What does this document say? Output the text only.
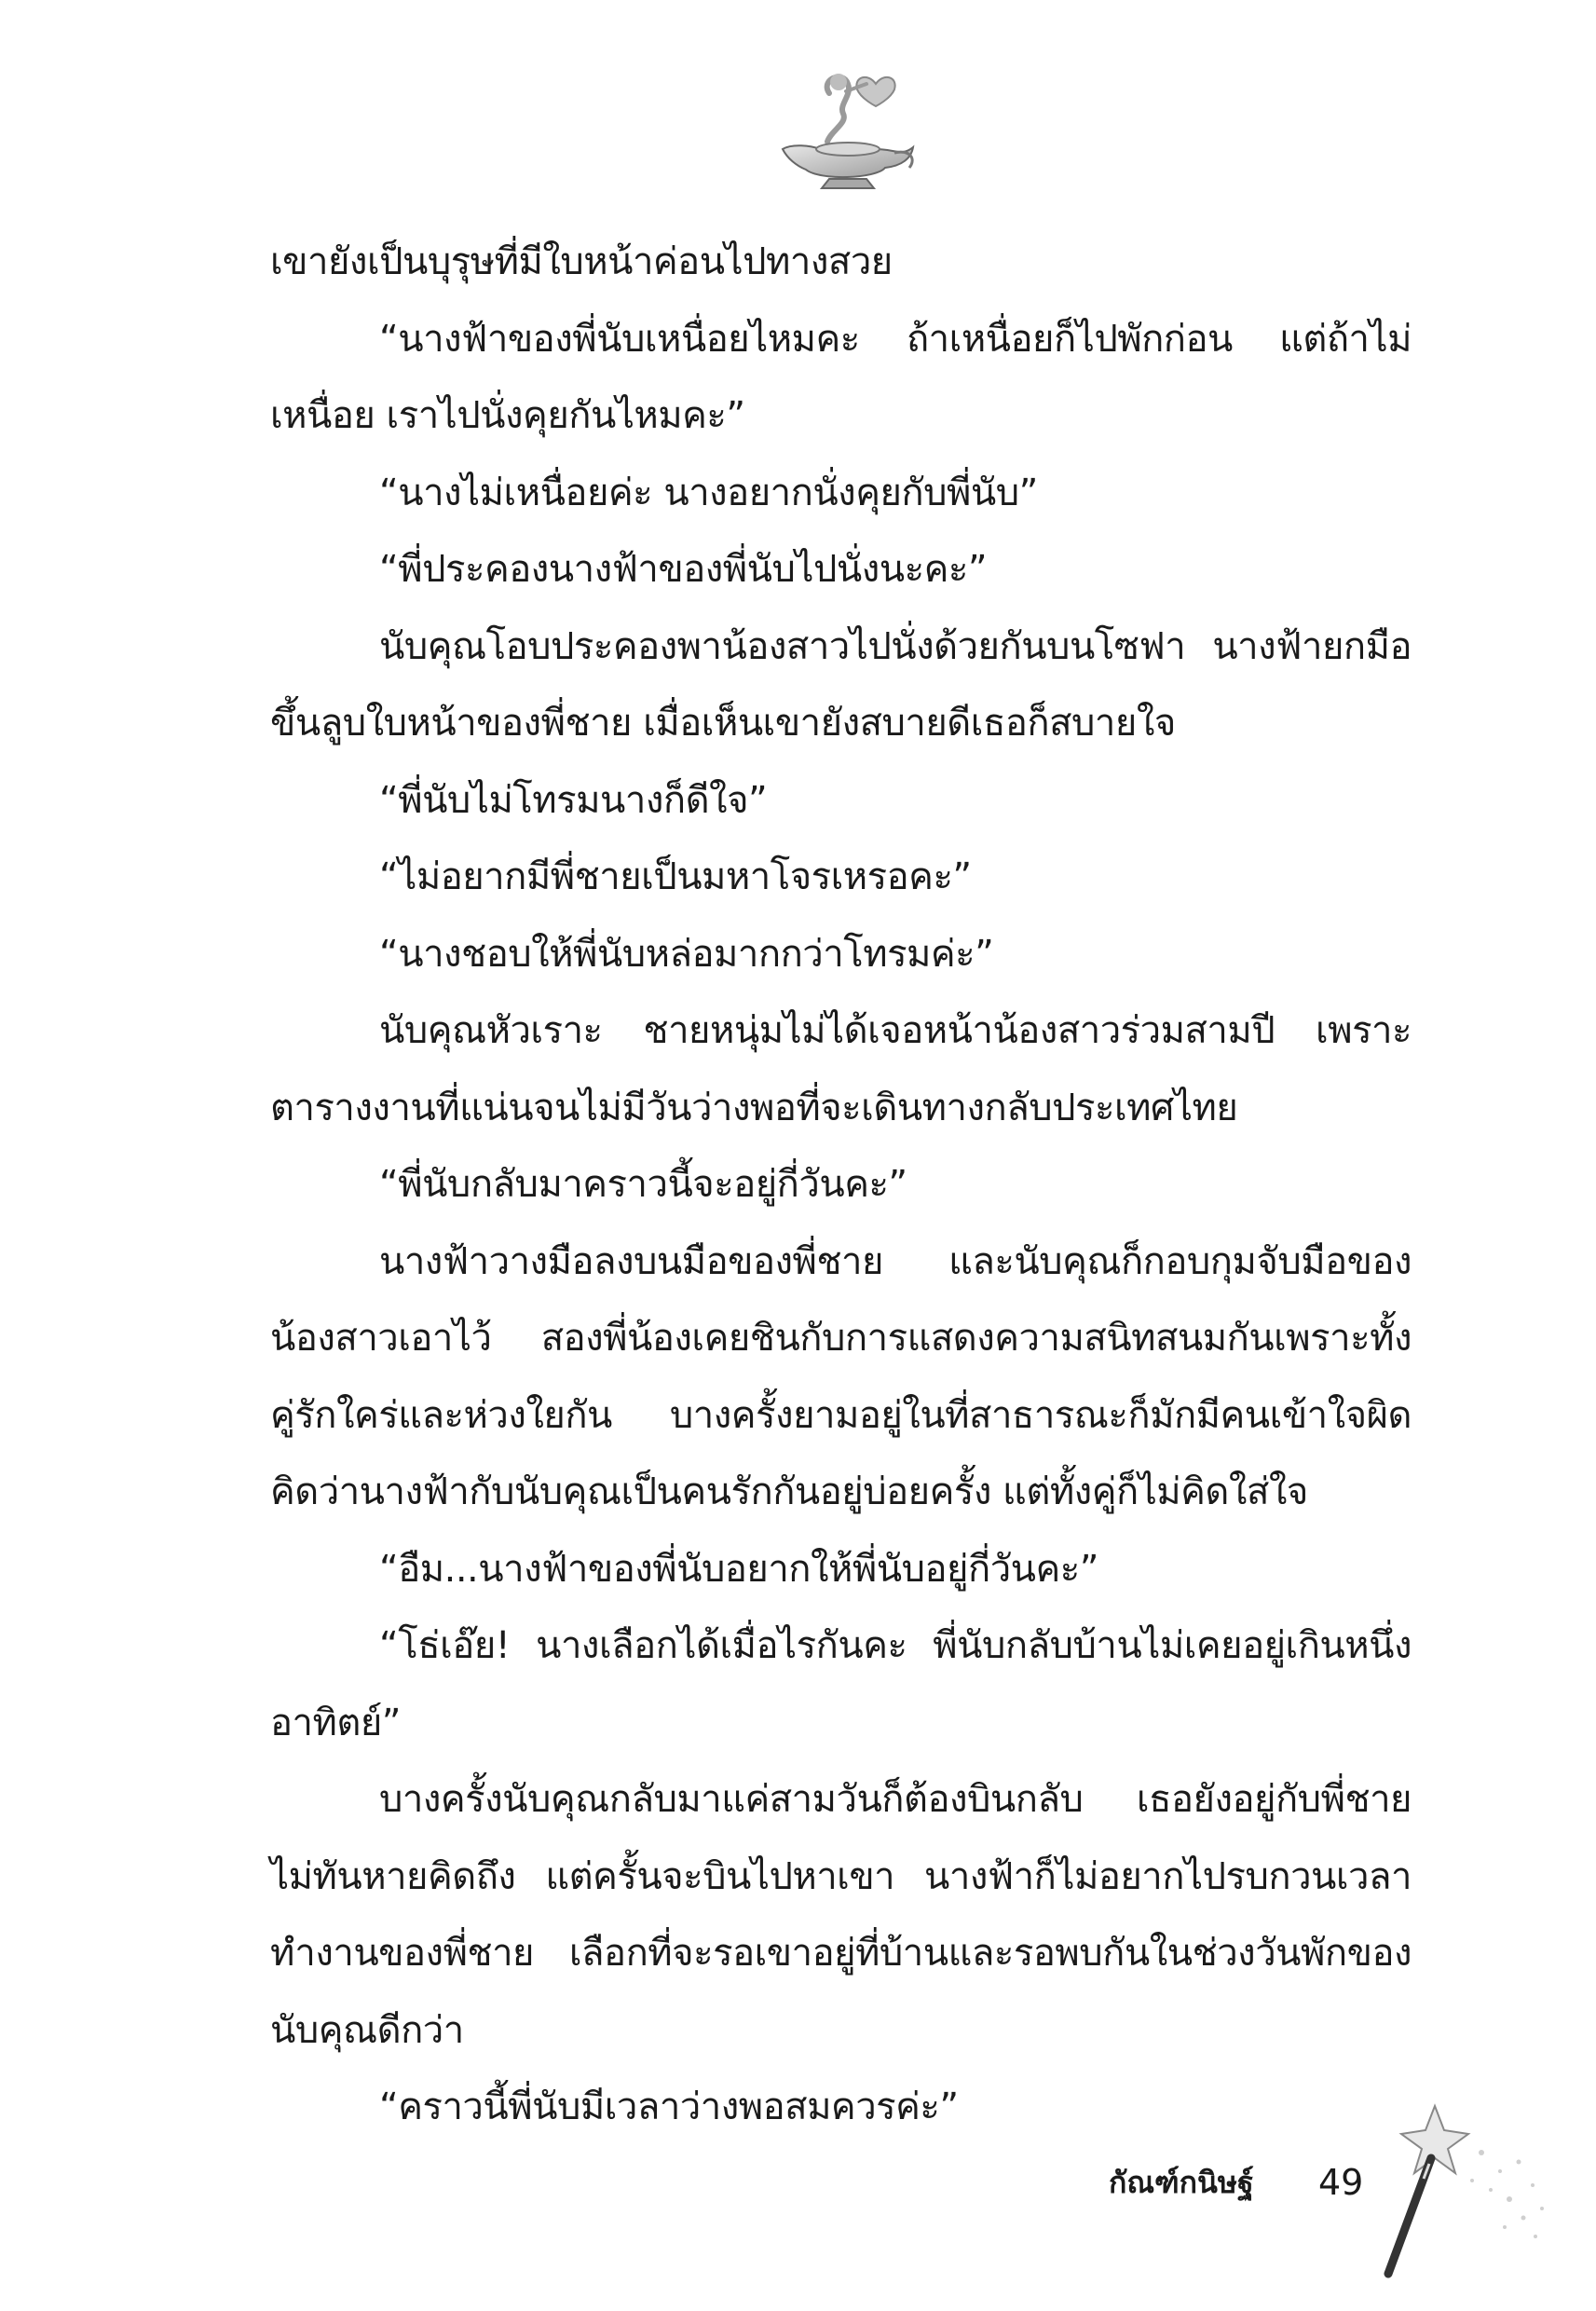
เขายังเป็นบุรุษที่มีใบหน้าค่อนไปทางสวย

“นางฟ้าของพี่นับเหนื่อยไหมคะ ถ้าเหนื่อยก็ไปพักก่อน แต่ถ้าไม่เหนื่อย เราไปนั่งคุยกันไหมคะ”

“นางไม่เหนื่อยค่ะ นางอยากนั่งคุยกับพี่นับ”

“พี่ประคองนางฟ้าของพี่นับไปนั่งนะคะ”

นับคุณโอบประคองพาน้องสาวไปนั่งด้วยกันบนโซฟา นางฟ้ายกมือขึ้นลูบใบหน้าของพี่ชาย เมื่อเห็นเขายังสบายดีเธอก็สบายใจ

“พี่นับไม่โทรมนางก็ดีใจ”

“ไม่อยากมีพี่ชายเป็นมหาโจรเหรอคะ”

“นางชอบให้พี่นับหล่อมากกว่าโทรมค่ะ”

นับคุณหัวเราะ ชายหนุ่มไม่ได้เจอหน้าน้องสาวร่วมสามปี เพราะตารางงานที่แน่นจนไม่มีวันว่างพอที่จะเดินทางกลับประเทศไทย

“พี่นับกลับมาคราวนี้จะอยู่กี่วันคะ”

นางฟ้าวางมือลงบนมือของพี่ชาย และนับคุณก็กอบกุมจับมือของน้องสาวเอาไว้ สองพี่น้องเคยชินกับการแสดงความสนิทสนมกันเพราะทั้งคู่รักใคร่และห่วงใยกัน บางครั้งยามอยู่ในที่สาธารณะก็มักมีคนเข้าใจผิดคิดว่านางฟ้ากับนับคุณเป็นคนรักกันอยู่บ่อยครั้ง แต่ทั้งคู่ก็ไม่คิดใส่ใจ

“อืม...นางฟ้าของพี่นับอยากให้พี่นับอยู่กี่วันคะ”

“โธ่เอ๊ย! นางเลือกได้เมื่อไรกันคะ พี่นับกลับบ้านไม่เคยอยู่เกินหนึ่งอาทิตย์”

บางครั้งนับคุณกลับมาแค่สามวันก็ต้องบินกลับ เธอยังอยู่กับพี่ชายไม่ทันหายคิดถึง แต่ครั้นจะบินไปหาเขา นางฟ้าก็ไม่อยากไปรบกวนเวลาทำงานของพี่ชาย เลือกที่จะรอเขาอยู่ที่บ้านและรอพบกันในช่วงวันพักของนับคุณดีกว่า

“คราวนี้พี่นับมีเวลาว่างพอสมควรค่ะ”

กัณฑ์กนิษฐ์ 49
